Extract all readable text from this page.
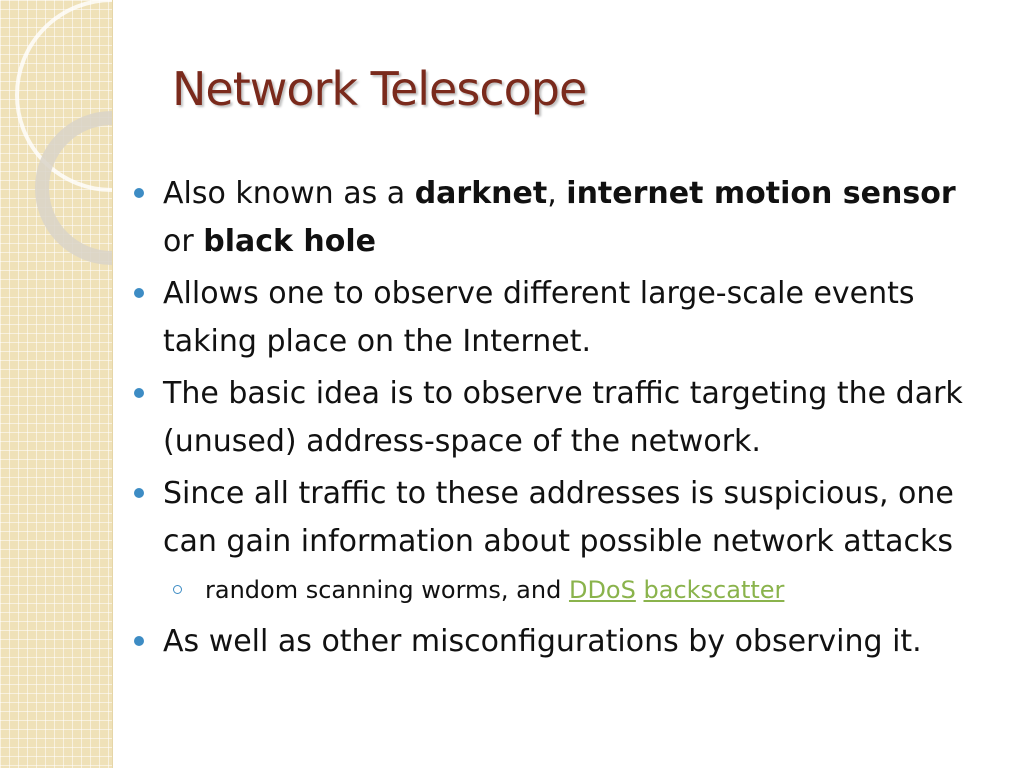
Network Telescope
Also known as a darknet, internet motion sensor or black hole
Allows one to observe different large-scale events taking place on the Internet.
The basic idea is to observe traffic targeting the dark (unused) address-space of the network.
Since all traffic to these addresses is suspicious, one can gain information about possible network attacks
random scanning worms, and DDoS backscatter
As well as other misconfigurations by observing it.
